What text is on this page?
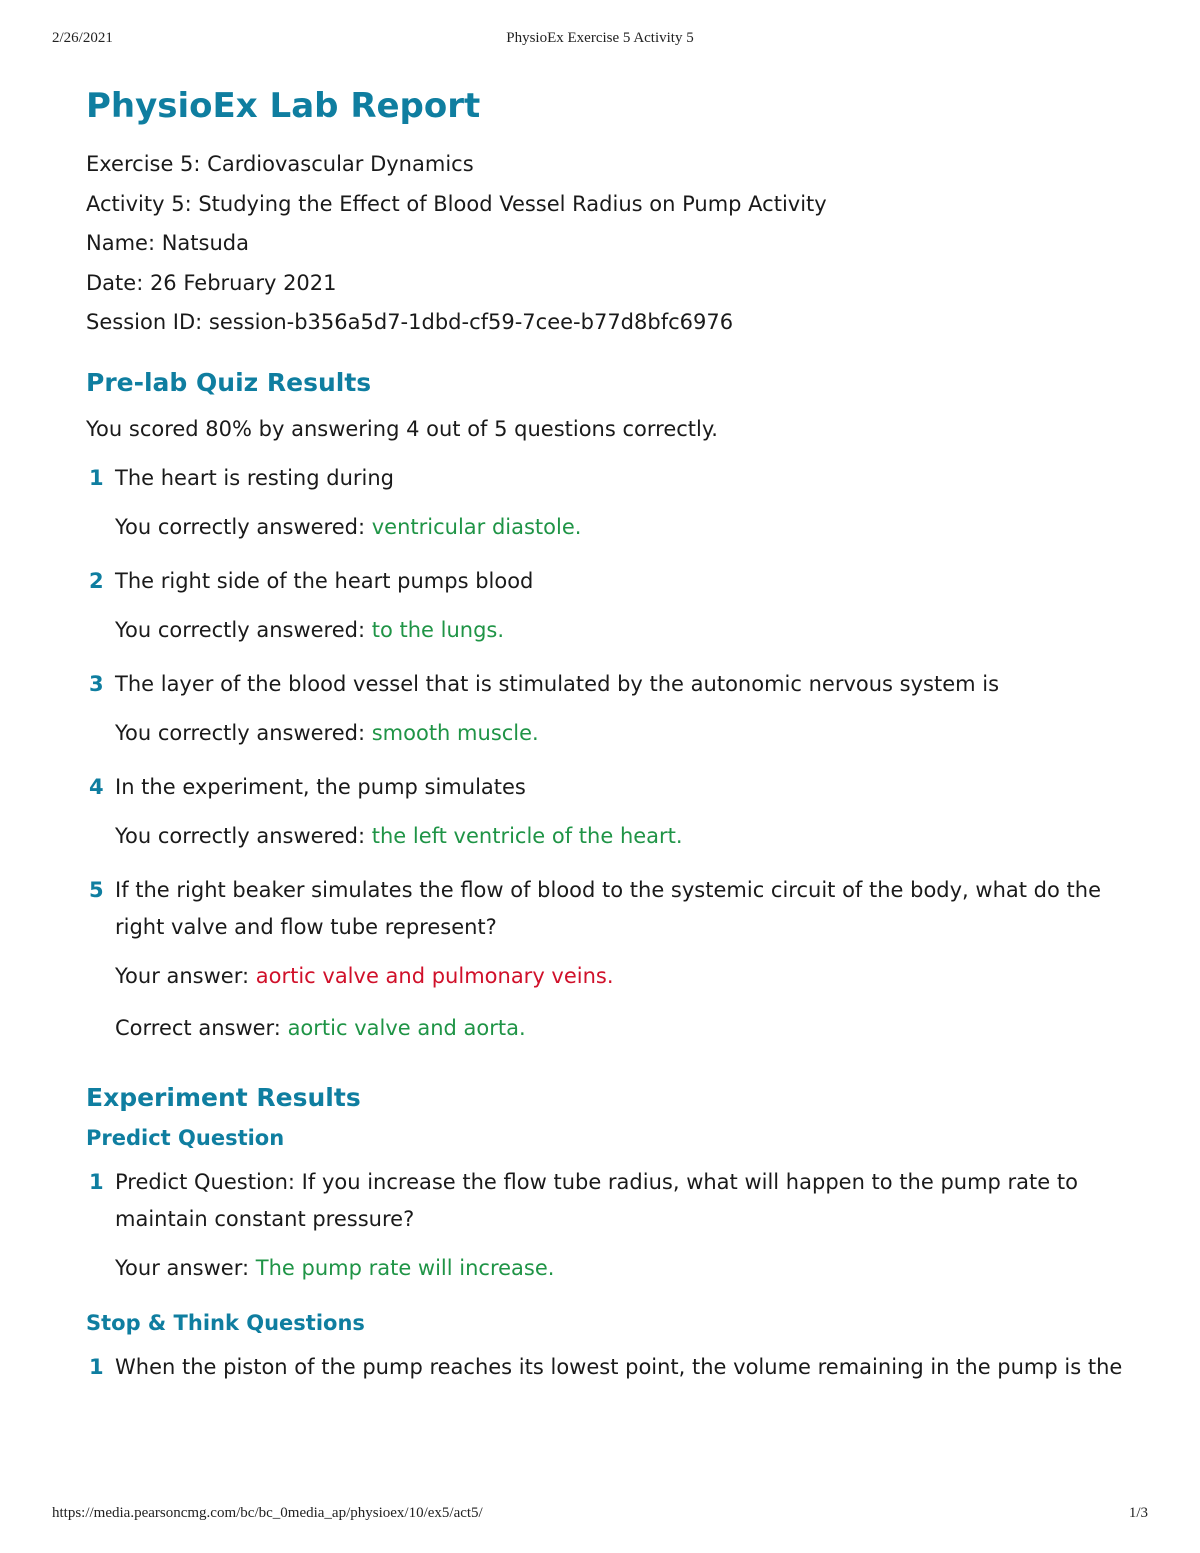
2/26/2021	PhysioEx Exercise 5 Activity 5
PhysioEx Lab Report
Exercise 5: Cardiovascular Dynamics
Activity 5: Studying the Effect of Blood Vessel Radius on Pump Activity
Name: Natsuda
Date: 26 February 2021
Session ID: session-b356a5d7-1dbd-cf59-7cee-b77d8bfc6976
Pre-lab Quiz Results
You scored 80% by answering 4 out of 5 questions correctly.
1 The heart is resting during
You correctly answered: ventricular diastole.
2 The right side of the heart pumps blood
You correctly answered: to the lungs.
3 The layer of the blood vessel that is stimulated by the autonomic nervous system is
You correctly answered: smooth muscle.
4 In the experiment, the pump simulates
You correctly answered: the left ventricle of the heart.
5 If the right beaker simulates the flow of blood to the systemic circuit of the body, what do the right valve and flow tube represent?
Your answer: aortic valve and pulmonary veins.
Correct answer: aortic valve and aorta.
Experiment Results
Predict Question
1 Predict Question: If you increase the flow tube radius, what will happen to the pump rate to maintain constant pressure?
Your answer: The pump rate will increase.
Stop & Think Questions
1 When the piston of the pump reaches its lowest point, the volume remaining in the pump is the
https://media.pearsoncmg.com/bc/bc_0media_ap/physioex/10/ex5/act5/	1/3
